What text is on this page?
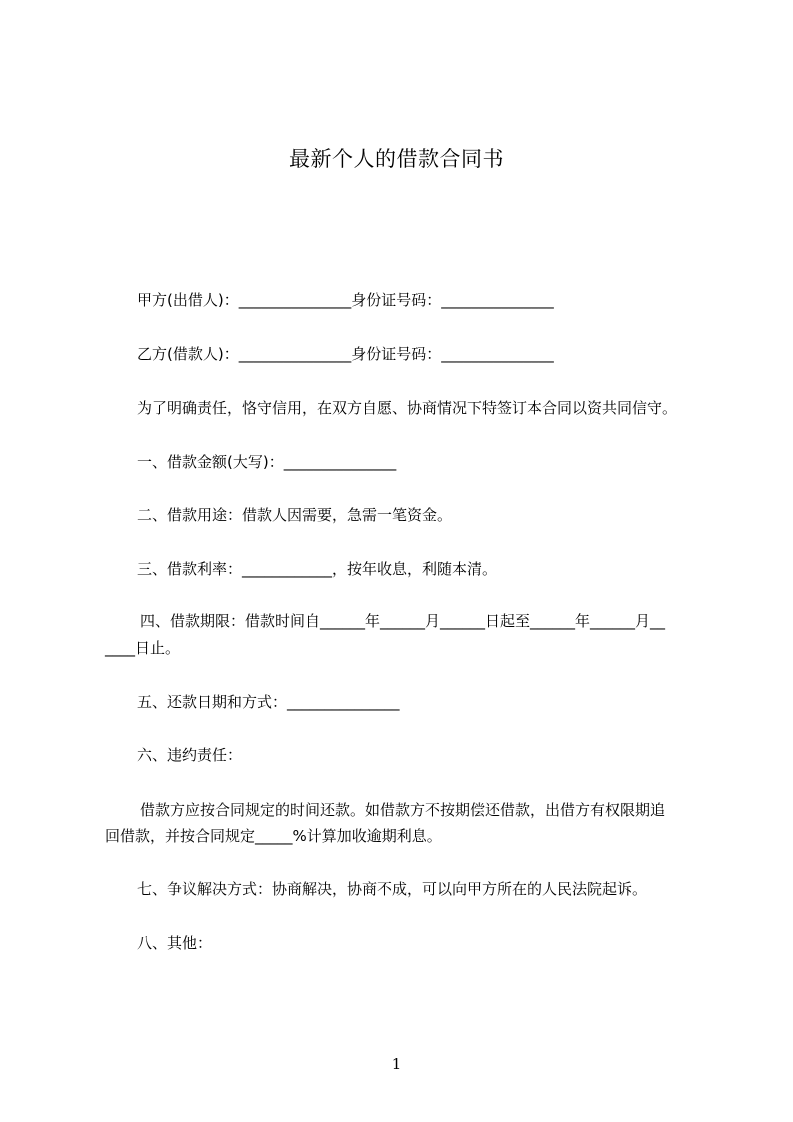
最新个人的借款合同书
甲方(出借人)：_______________身份证号码：_______________
乙方(借款人)：_______________身份证号码：_______________
为了明确责任，恪守信用，在双方自愿、协商情况下特签订本合同以资共同信守。
一、借款金额(大写)：_______________
二、借款用途：借款人因需要，急需一笔资金。
三、借款利率：____________，按年收息，利随本清。
四、借款期限：借款时间自______年______月______日起至______年______月__
____日止。
五、还款日期和方式：_______________
六、违约责任：
借款方应按合同规定的时间还款。如借款方不按期偿还借款，出借方有权限期追
回借款，并按合同规定_____%计算加收逾期利息。
七、争议解决方式：协商解决，协商不成，可以向甲方所在的人民法院起诉。
八、其他：
1
